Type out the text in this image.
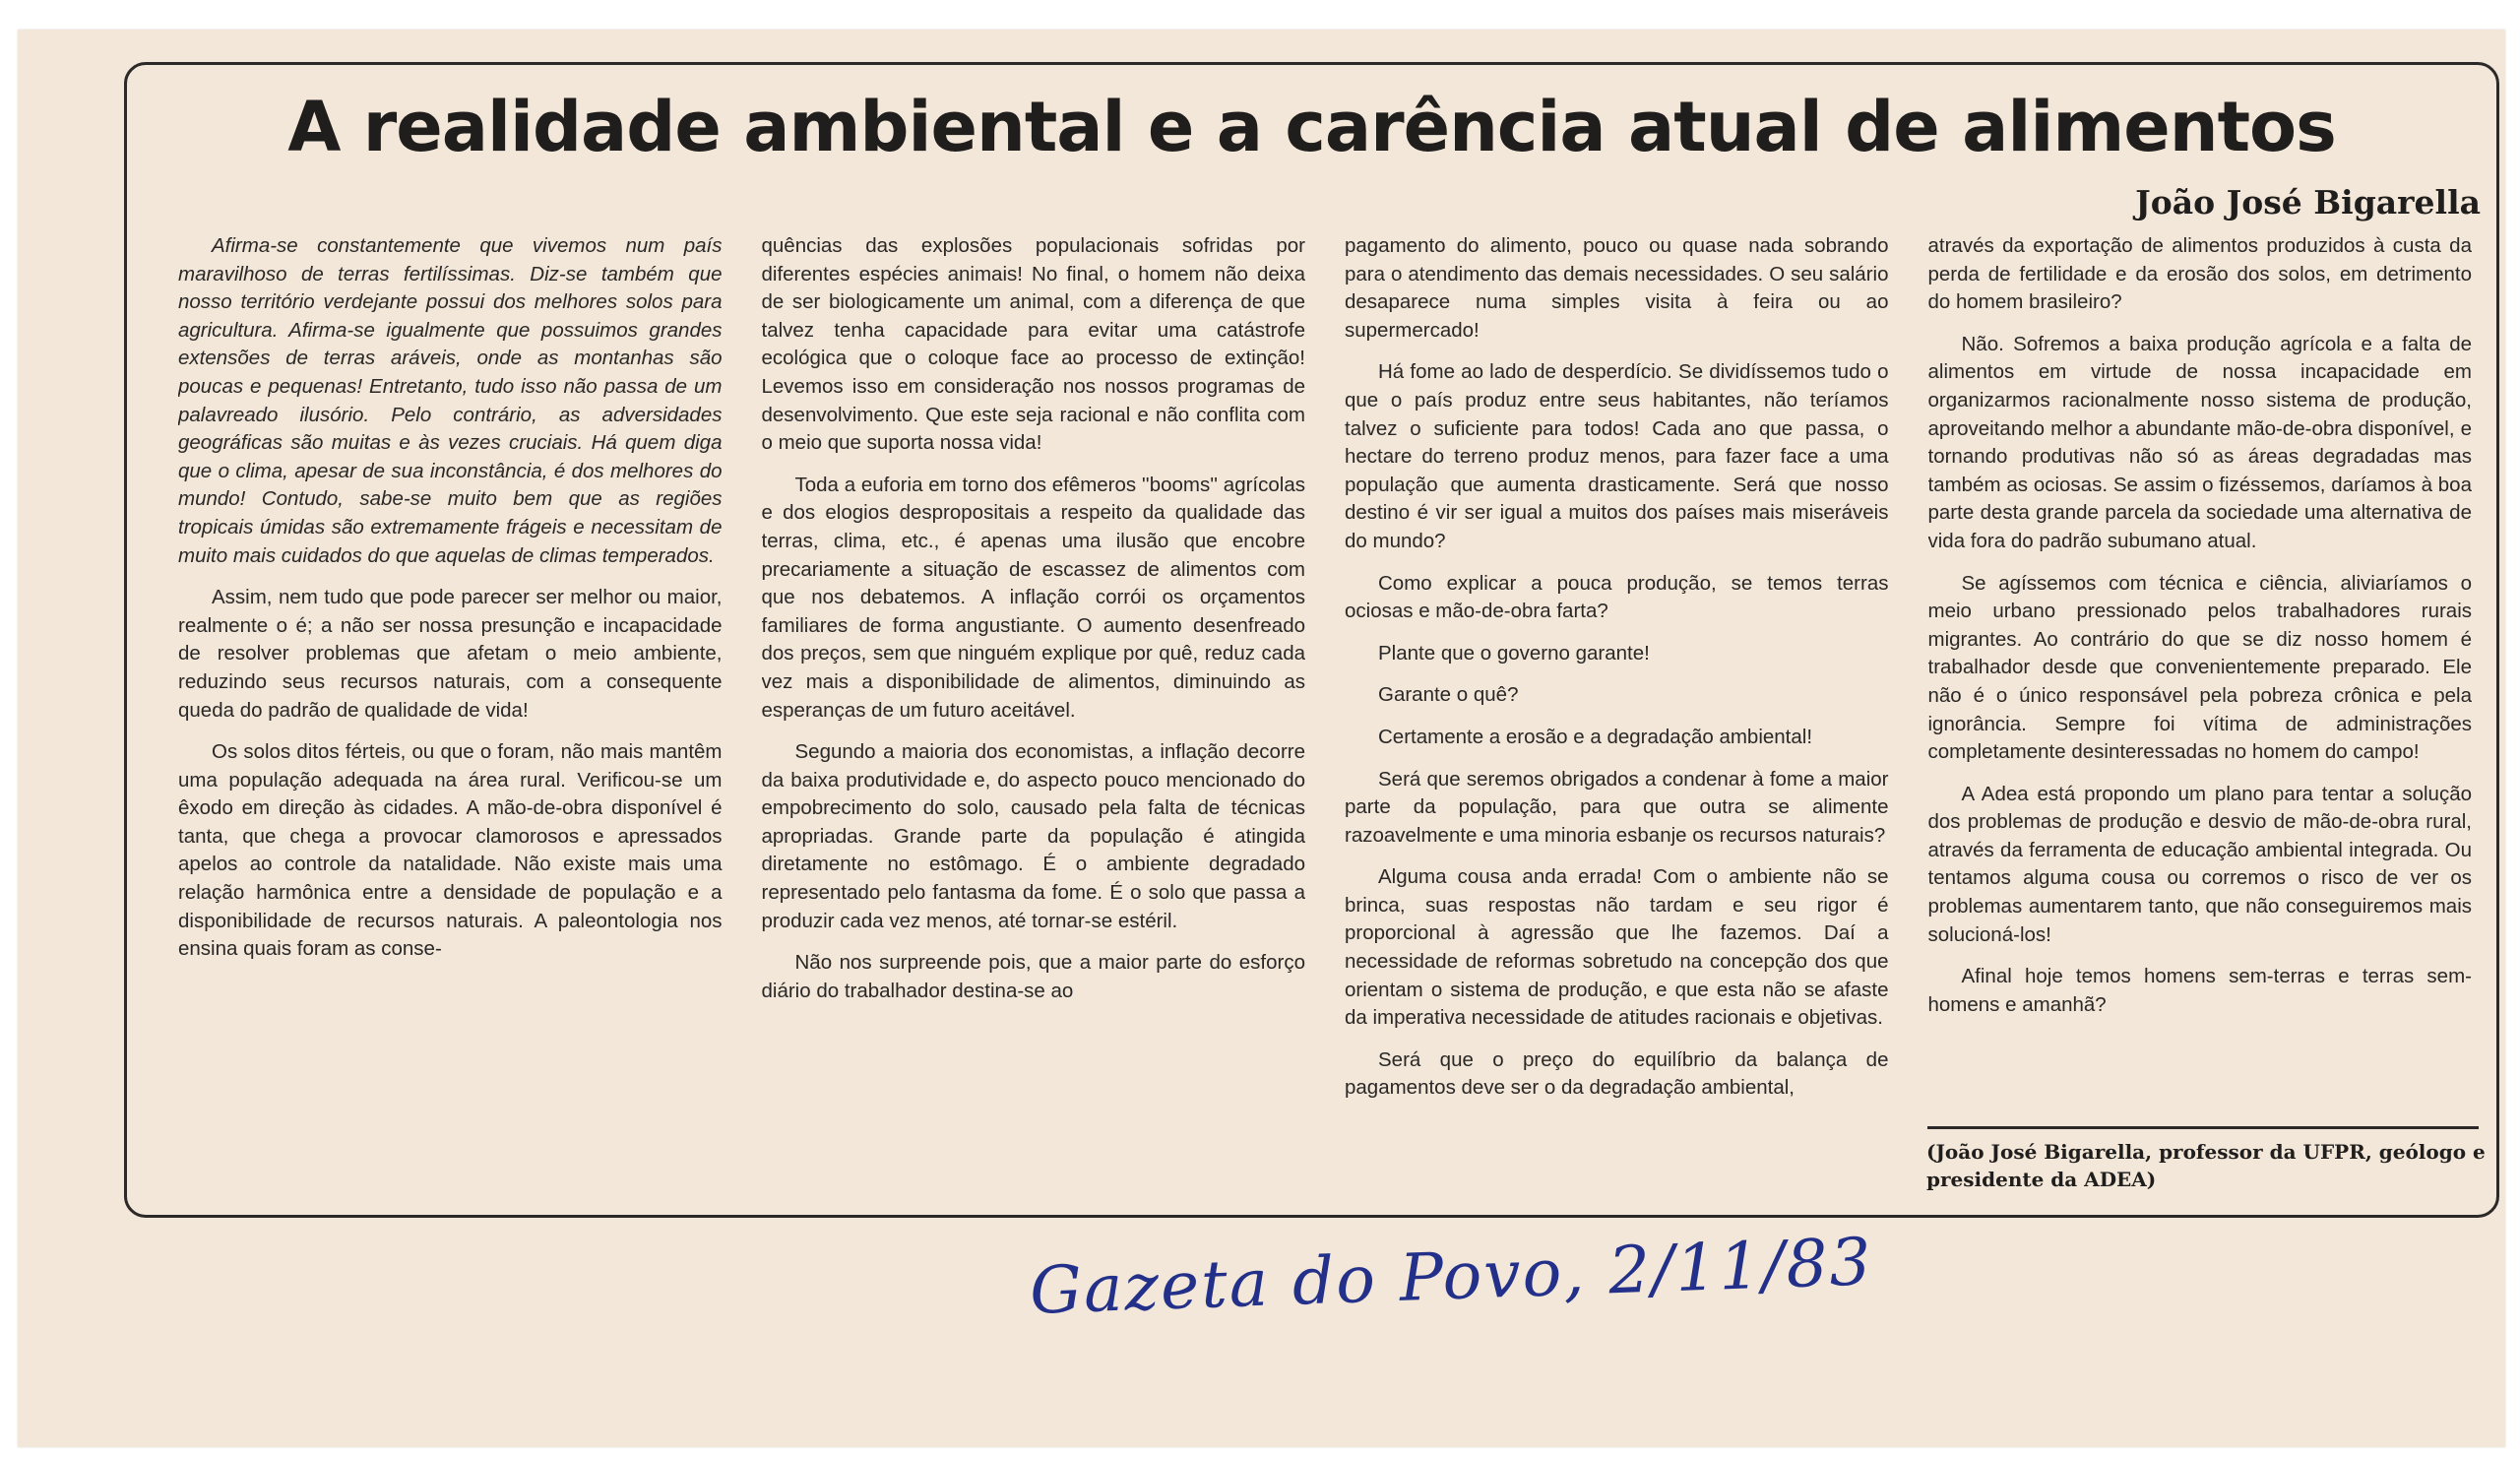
A realidade ambiental e a carência atual de alimentos
João José Bigarella

Afirma-se constantemente que vivemos num país maravilhoso de terras fertilíssimas. Diz-se também que nosso território verdejante possui dos melhores solos para agricultura. Afirma-se igualmente que possuimos grandes extensões de terras aráveis, onde as montanhas são poucas e pequenas! Entretanto, tudo isso não passa de um palavreado ilusório. Pelo contrário, as adversidades geográficas são muitas e às vezes cruciais. Há quem diga que o clima, apesar de sua inconstância, é dos melhores do mundo! Contudo, sabe-se muito bem que as regiões tropicais úmidas são extremamente frágeis e necessitam de muito mais cuidados do que aquelas de climas temperados.

Assim, nem tudo que pode parecer ser melhor ou maior, realmente o é; a não ser nossa presunção e incapacidade de resolver problemas que afetam o meio ambiente, reduzindo seus recursos naturais, com a consequente queda do padrão de qualidade de vida!

Os solos ditos férteis, ou que o foram, não mais mantêm uma população adequada na área rural. Verificou-se um êxodo em direção às cidades. A mão-de-obra disponível é tanta, que chega a provocar clamorosos e apressados apelos ao controle da natalidade. Não existe mais uma relação harmônica entre a densidade de população e a disponibilidade de recursos naturais. A paleontologia nos ensina quais foram as conse-

quências das explosões populacionais sofridas por diferentes espécies animais! No final, o homem não deixa de ser biologicamente um animal, com a diferença de que talvez tenha capacidade para evitar uma catástrofe ecológica que o coloque face ao processo de extinção! Levemos isso em consideração nos nossos programas de desenvolvimento. Que este seja racional e não conflita com o meio que suporta nossa vida!

Toda a euforia em torno dos efêmeros ''booms'' agrícolas e dos elogios despropositais a respeito da qualidade das terras, clima, etc., é apenas uma ilusão que encobre precariamente a situação de escassez de alimentos com que nos debatemos. A inflação corrói os orçamentos familiares de forma angustiante. O aumento desenfreado dos preços, sem que ninguém explique por quê, reduz cada vez mais a disponibilidade de alimentos, diminuindo as esperanças de um futuro aceitável.

Segundo a maioria dos economistas, a inflação decorre da baixa produtividade e, do aspecto pouco mencionado do empobrecimento do solo, causado pela falta de técnicas apropriadas. Grande parte da população é atingida diretamente no estômago. É o ambiente degradado representado pelo fantasma da fome. É o solo que passa a produzir cada vez menos, até tornar-se estéril.

Não nos surpreende pois, que a maior parte do esforço diário do trabalhador destina-se ao

pagamento do alimento, pouco ou quase nada sobrando para o atendimento das demais necessidades. O seu salário desaparece numa simples visita à feira ou ao supermercado!

Há fome ao lado de desperdício. Se dividíssemos tudo o que o país produz entre seus habitantes, não teríamos talvez o suficiente para todos! Cada ano que passa, o hectare do terreno produz menos, para fazer face a uma população que aumenta drasticamente. Será que nosso destino é vir ser igual a muitos dos países mais miseráveis do mundo?

Como explicar a pouca produção, se temos terras ociosas e mão-de-obra farta?

Plante que o governo garante!

Garante o quê?

Certamente a erosão e a degradação ambiental!

Será que seremos obrigados a condenar à fome a maior parte da população, para que outra se alimente razoavelmente e uma minoria esbanje os recursos naturais?

Alguma cousa anda errada! Com o ambiente não se brinca, suas respostas não tardam e seu rigor é proporcional à agressão que lhe fazemos. Daí a necessidade de reformas sobretudo na concepção dos que orientam o sistema de produção, e que esta não se afaste da imperativa necessidade de atitudes racionais e objetivas.

Será que o preço do equilíbrio da balança de pagamentos deve ser o da degradação ambiental,

através da exportação de alimentos produzidos à custa da perda de fertilidade e da erosão dos solos, em detrimento do homem brasileiro?

Não. Sofremos a baixa produção agrícola e a falta de alimentos em virtude de nossa incapacidade em organizarmos racionalmente nosso sistema de produção, aproveitando melhor a abundante mão-de-obra disponível, e tornando produtivas não só as áreas degradadas mas também as ociosas. Se assim o fizéssemos, daríamos à boa parte desta grande parcela da sociedade uma alternativa de vida fora do padrão subumano atual.

Se agíssemos com técnica e ciência, aliviaríamos o meio urbano pressionado pelos trabalhadores rurais migrantes. Ao contrário do que se diz nosso homem é trabalhador desde que convenientemente preparado. Ele não é o único responsável pela pobreza crônica e pela ignorância. Sempre foi vítima de administrações completamente desinteressadas no homem do campo!

A Adea está propondo um plano para tentar a solução dos problemas de produção e desvio de mão-de-obra rural, através da ferramenta de educação ambiental integrada. Ou tentamos alguma cousa ou corremos o risco de ver os problemas aumentarem tanto, que não conseguiremos mais solucioná-los!

Afinal hoje temos homens sem-terras e terras sem-homens e amanhã?

(João José Bigarella, professor da UFPR, geólogo e presidente da ADEA)
Gazeta do Povo, 2/11/83
